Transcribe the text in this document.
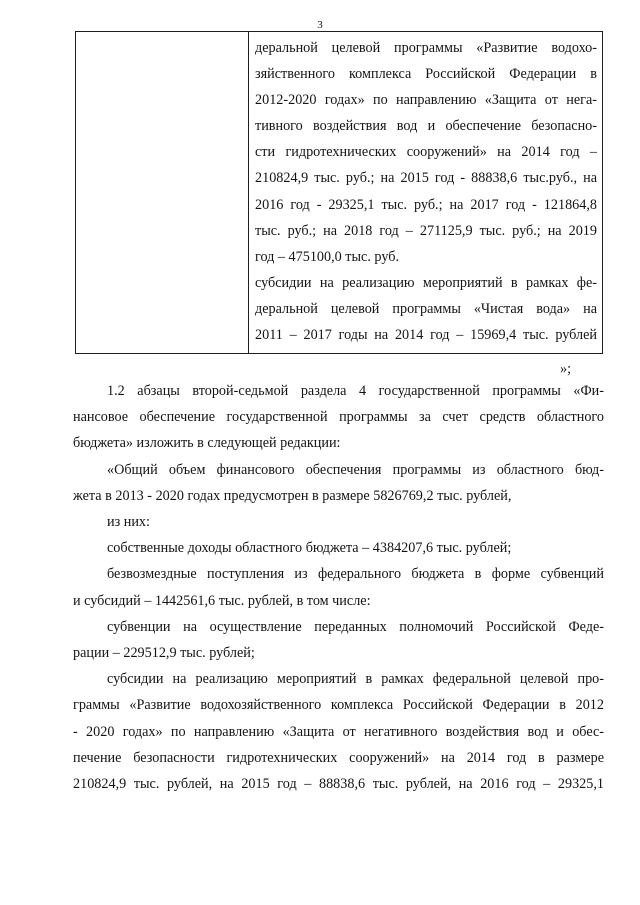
3
деральной целевой программы «Развитие водохо-
зяйственного комплекса Российской Федерации в
2012-2020 годах» по направлению «Защита от нега-
тивного воздействия вод и обеспечение безопасно-
сти гидротехнических сооружений» на 2014 год –
210824,9 тыс. руб.; на 2015 год - 88838,6 тыс.руб., на
2016 год - 29325,1 тыс. руб.; на 2017 год - 121864,8
тыс. руб.; на 2018 год – 271125,9 тыс. руб.; на 2019
год – 475100,0 тыс. руб.
субсидии на реализацию мероприятий в рамках фе-
деральной целевой программы «Чистая вода» на
2011 – 2017 годы на 2014 год – 15969,4 тыс. рублей
»;
1.2 абзацы второй-седьмой раздела 4 государственной программы «Фи-
нансовое обеспечение государственной программы за счет средств областного
бюджета» изложить в следующей редакции:
«Общий объем финансового обеспечения программы из областного бюд-
жета в 2013 - 2020 годах предусмотрен в размере 5826769,2 тыс. рублей,
из них:
собственные доходы областного бюджета – 4384207,6 тыс. рублей;
безвозмездные поступления из федерального бюджета в форме субвенций
и субсидий – 1442561,6 тыс. рублей, в том числе:
субвенции на осуществление переданных полномочий Российской Феде-
рации – 229512,9 тыс. рублей;
субсидии на реализацию мероприятий в рамках федеральной целевой про-
граммы «Развитие водохозяйственного комплекса Российской Федерации в 2012
- 2020 годах» по направлению «Защита от негативного воздействия вод и обес-
печение безопасности гидротехнических сооружений» на 2014 год в размере
210824,9 тыс. рублей, на 2015 год – 88838,6 тыс. рублей, на 2016 год – 29325,1
